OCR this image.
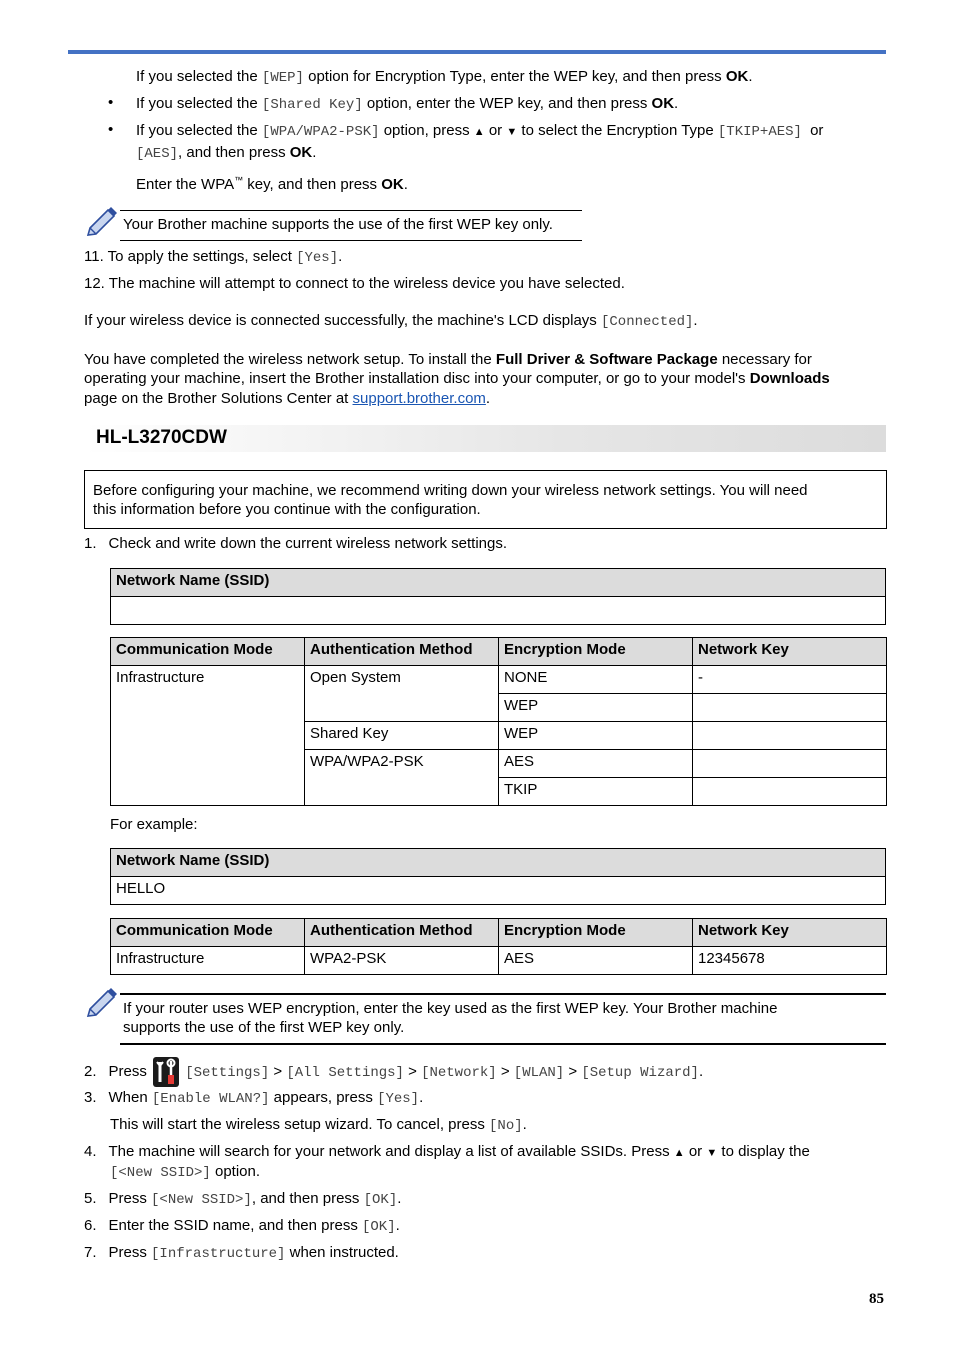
If you selected the [WEP] option for Encryption Type, enter the WEP key, and then press OK.
• If you selected the [Shared Key] option, enter the WEP key, and then press OK.
• If you selected the [WPA/WPA2-PSK] option, press ▲ or ▼ to select the Encryption Type [TKIP+AES] or
[AES], and then press OK.
Enter the WPA™ key, and then press OK.
Your Brother machine supports the use of the first WEP key only.
11. To apply the settings, select [Yes].
12. The machine will attempt to connect to the wireless device you have selected.
If your wireless device is connected successfully, the machine's LCD displays [Connected].
You have completed the wireless network setup. To install the Full Driver & Software Package necessary for
operating your machine, insert the Brother installation disc into your computer, or go to your model's Downloads
page on the Brother Solutions Center at support.brother.com.
HL-L3270CDW
Before configuring your machine, we recommend writing down your wireless network settings. You will need
this information before you continue with the configuration.
1. Check and write down the current wireless network settings.
Network Name (SSID)

Communication Mode	Authentication Method	Encryption Mode	Network Key
Infrastructure	Open System	NONE	-
		WEP	
	Shared Key	WEP	
	WPA/WPA2-PSK	AES	
		TKIP	
For example:
Network Name (SSID)
HELLO
Communication Mode	Authentication Method	Encryption Mode	Network Key
Infrastructure	WPA2-PSK	AES	12345678
If your router uses WEP encryption, enter the key used as the first WEP key. Your Brother machine
supports the use of the first WEP key only.
2. Press  [Settings] > [All Settings] > [Network] > [WLAN] > [Setup Wizard].
3. When [Enable WLAN?] appears, press [Yes].
This will start the wireless setup wizard. To cancel, press [No].
4. The machine will search for your network and display a list of available SSIDs. Press ▲ or ▼ to display the
[<New SSID>] option.
5. Press [<New SSID>], and then press [OK].
6. Enter the SSID name, and then press [OK].
7. Press [Infrastructure] when instructed.
85
